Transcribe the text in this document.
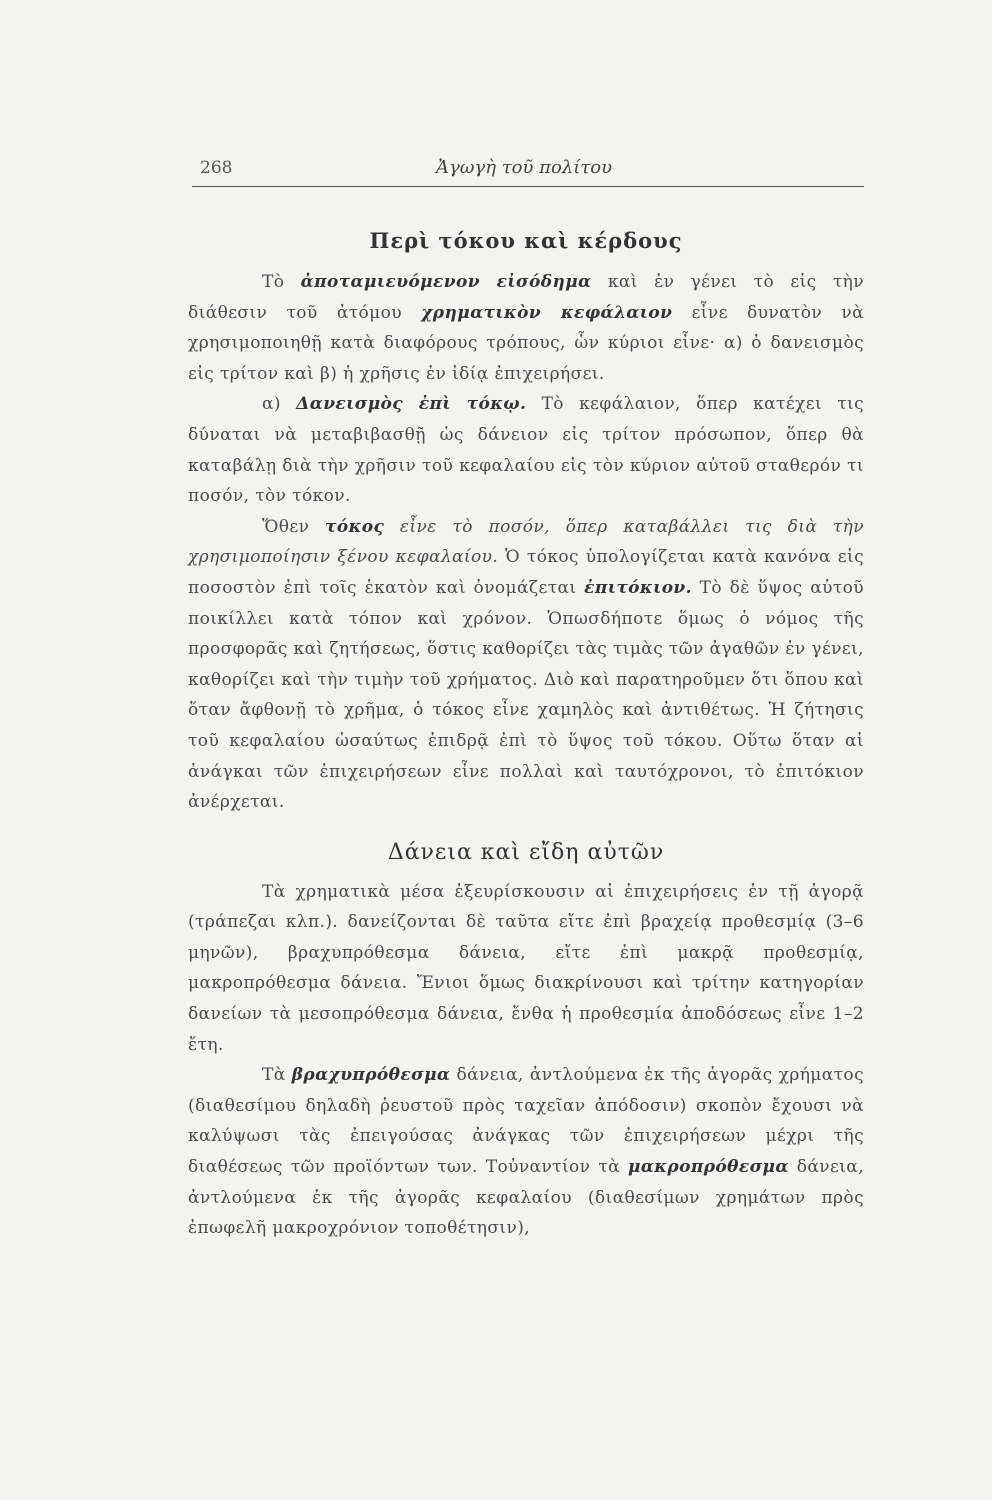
268	Ἀγωγὴ τοῦ πολίτου
Περὶ τόκου καὶ κέρδους

Τὸ ἀποταμιευόμενον εἰσόδημα καὶ ἐν γένει τὸ εἰς τὴν διάθεσιν τοῦ ἀτόμου χρηματικὸν κεφάλαιον εἶνε δυνατὸν νὰ χρησιμοποιηθῇ κατὰ διαφόρους τρόπους, ὧν κύριοι εἶνε· α) ὁ δανεισμὸς εἰς τρίτον καὶ β) ἡ χρῆσις ἐν ἰδίᾳ ἐπιχειρήσει.

α) Δανεισμὸς ἐπὶ τόκῳ. Τὸ κεφάλαιον, ὅπερ κατέχει τις δύναται νὰ μεταβιβασθῇ ὡς δάνειον εἰς τρίτον πρόσωπον, ὅπερ θὰ καταβάλῃ διὰ τὴν χρῆσιν τοῦ κεφαλαίου εἰς τὸν κύριον αὐτοῦ σταθερόν τι ποσόν, τὸν τόκον.

Ὅθεν τόκος εἶνε τὸ ποσόν, ὅπερ καταβάλλει τις διὰ τὴν χρησιμοποίησιν ξένου κεφαλαίου. Ὁ τόκος ὑπολογίζεται κατὰ κανόνα εἰς ποσοστὸν ἐπὶ τοῖς ἑκατὸν καὶ ὀνομάζεται ἐπιτόκιον. Τὸ δὲ ὕψος αὐτοῦ ποικίλλει κατὰ τόπον καὶ χρόνον. Ὁπωσδήποτε ὅμως ὁ νόμος τῆς προσφορᾶς καὶ ζητήσεως, ὅστις καθορίζει τὰς τιμὰς τῶν ἀγαθῶν ἐν γένει, καθορίζει καὶ τὴν τιμὴν τοῦ χρήματος. Διὸ καὶ παρατηροῦμεν ὅτι ὅπου καὶ ὅταν ἄφθονῇ τὸ χρῆμα, ὁ τόκος εἶνε χαμηλὸς καὶ ἀντιθέτως. Ἡ ζήτησις τοῦ κεφαλαίου ὡσαύτως ἐπιδρᾷ ἐπὶ τὸ ὕψος τοῦ τόκου. Οὕτω ὅταν αἱ ἀνάγκαι τῶν ἐπιχειρήσεων εἶνε πολλαὶ καὶ ταυτόχρονοι, τὸ ἐπιτόκιον ἀνέρχεται.

Δάνεια καὶ εἴδη αὐτῶν

Τὰ χρηματικὰ μέσα ἐξευρίσκουσιν αἱ ἐπιχειρήσεις ἐν τῇ ἀγορᾷ (τράπεζαι κλπ.). δανείζονται δὲ ταῦτα εἴτε ἐπὶ βραχείᾳ προθεσμίᾳ (3–6 μηνῶν), βραχυπρόθεσμα δάνεια, εἴτε ἐπὶ μακρᾷ προθεσμίᾳ, μακροπρόθεσμα δάνεια. Ἔνιοι ὅμως διακρίνουσι καὶ τρίτην κατηγορίαν δανείων τὰ μεσοπρόθεσμα δάνεια, ἔνθα ἡ προθεσμία ἀποδόσεως εἶνε 1–2 ἔτη.

Τὰ βραχυπρόθεσμα δάνεια, ἀντλούμενα ἐκ τῆς ἀγορᾶς χρήματος (διαθεσίμου δηλαδὴ ῥευστοῦ πρὸς ταχεῖαν ἀπόδοσιν) σκοπὸν ἔχουσι νὰ καλύψωσι τὰς ἐπειγούσας ἀνάγκας τῶν ἐπιχειρήσεων μέχρι τῆς διαθέσεως τῶν προϊόντων των. Τοὐναντίον τὰ μακροπρόθεσμα δάνεια, ἀντλούμενα ἐκ τῆς ἀγορᾶς κεφαλαίου (διαθεσίμων χρημάτων πρὸς ἐπωφελῆ μακροχρόνιον τοποθέτησιν),
